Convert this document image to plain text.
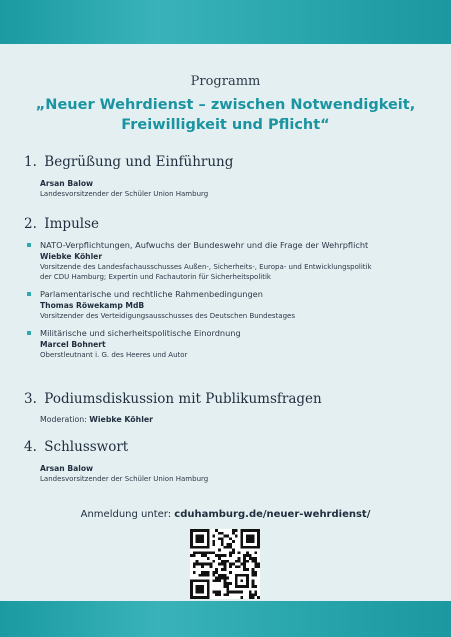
Programm
„Neuer Wehrdienst – zwischen Notwendigkeit,
Freiwilligkeit und Pflicht“
1. Begrüßung und Einführung
Arsan Balow
Landesvorsitzender der Schüler Union Hamburg
2. Impulse
NATO-Verpflichtungen, Aufwuchs der Bundeswehr und die Frage der Wehrpflicht
Wiebke Köhler
Vorsitzende des Landesfachausschusses Außen-, Sicherheits-, Europa- und Entwicklungspolitik
der CDU Hamburg; Expertin und Fachautorin für Sicherheitspolitik
Parlamentarische und rechtliche Rahmenbedingungen
Thomas Röwekamp MdB
Vorsitzender des Verteidigungsausschusses des Deutschen Bundestages
Militärische und sicherheitspolitische Einordnung
Marcel Bohnert
Oberstleutnant i. G. des Heeres und Autor
3. Podiumsdiskussion mit Publikumsfragen
Moderation: Wiebke Köhler
4. Schlusswort
Arsan Balow
Landesvorsitzender der Schüler Union Hamburg
Anmeldung unter: cduhamburg.de/neuer-wehrdienst/
